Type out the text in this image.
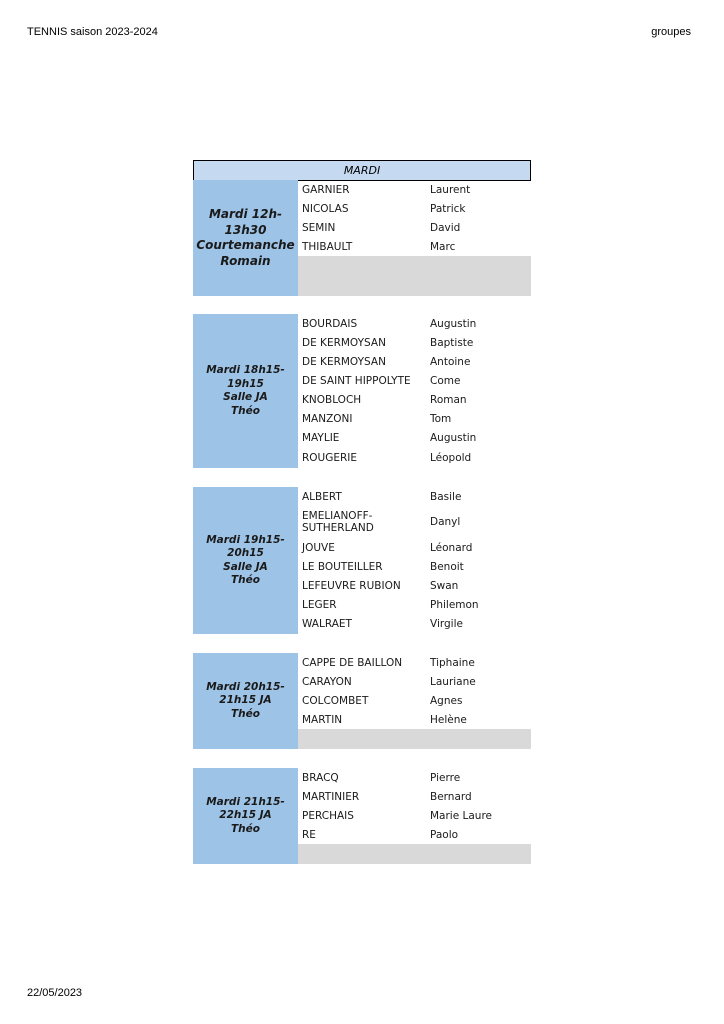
TENNIS saison 2023-2024	groupes
MARDI
Mardi 12h-13h30
Courtemanche
Romain
GARNIER	Laurent
NICOLAS	Patrick
SEMIN	David
THIBAULT	Marc
Mardi 18h15-
19h15
Salle JA
Théo
BOURDAIS	Augustin
DE KERMOYSAN	Baptiste
DE KERMOYSAN	Antoine
DE SAINT HIPPOLYTE	Come
KNOBLOCH	Roman
MANZONI	Tom
MAYLIE	Augustin
ROUGERIE	Léopold
Mardi 19h15-
20h15
Salle JA
Théo
ALBERT	Basile
EMELIANOFF-SUTHERLAND	Danyl
JOUVE	Léonard
LE BOUTEILLER	Benoit
LEFEUVRE RUBION	Swan
LEGER	Philemon
WALRAET	Virgile
Mardi 20h15-
21h15 JA
Théo
CAPPE DE BAILLON	Tiphaine
CARAYON	Lauriane
COLCOMBET	Agnes
MARTIN	Helène
Mardi 21h15-
22h15 JA
Théo
BRACQ	Pierre
MARTINIER	Bernard
PERCHAIS	Marie Laure
RE	Paolo
22/05/2023
